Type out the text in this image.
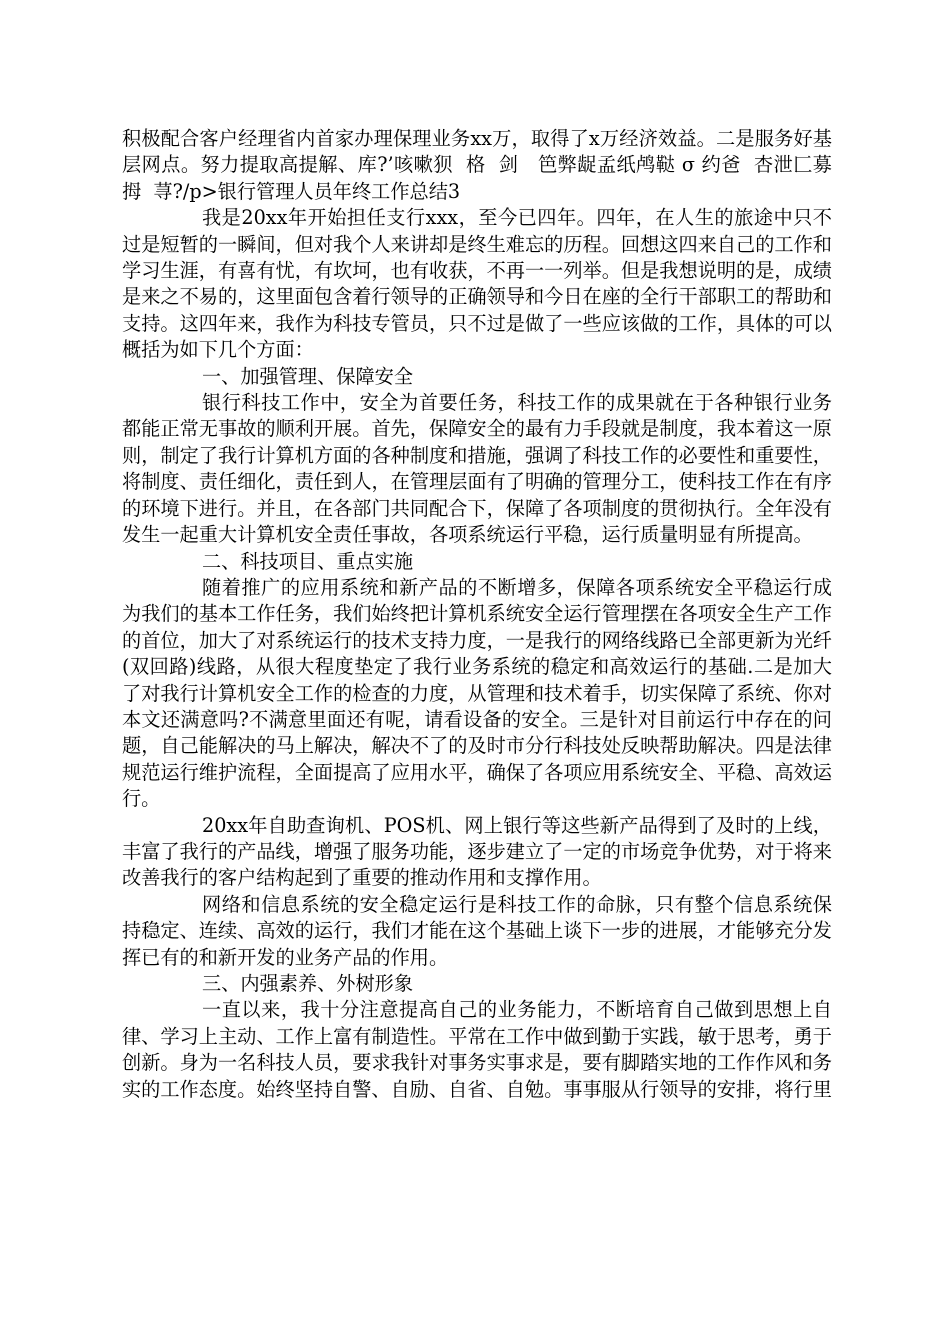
积极配合客户经理省内首家办理保理业务xx万，取得了x万经济效益。二是服务好基层网点。努力提取高提解、库?’咳嗽狈  格  剑   笆弊龊孟纸鸬鞑 σ 约爸  杏泄匚募  拇  荨?/p>银行管理人员年终工作总结3

我是20xx年开始担任支行xxx，至今已四年。四年，在人生的旅途中只不过是短暂的一瞬间，但对我个人来讲却是终生难忘的历程。回想这四来自己的工作和学习生涯，有喜有忧，有坎坷，也有收获，不再一一列举。但是我想说明的是，成绩是来之不易的，这里面包含着行领导的正确领导和今日在座的全行干部职工的帮助和支持。这四年来，我作为科技专管员，只不过是做了一些应该做的工作，具体的可以概括为如下几个方面：

一、加强管理、保障安全

银行科技工作中，安全为首要任务，科技工作的成果就在于各种银行业务都能正常无事故的顺利开展。首先，保障安全的最有力手段就是制度，我本着这一原则，制定了我行计算机方面的各种制度和措施，强调了科技工作的必要性和重要性，将制度、责任细化，责任到人，在管理层面有了明确的管理分工，使科技工作在有序的环境下进行。并且，在各部门共同配合下，保障了各项制度的贯彻执行。全年没有发生一起重大计算机安全责任事故，各项系统运行平稳，运行质量明显有所提高。

二、科技项目、重点实施

随着推广的应用系统和新产品的不断增多，保障各项系统安全平稳运行成为我们的基本工作任务，我们始终把计算机系统安全运行管理摆在各项安全生产工作的首位，加大了对系统运行的技术支持力度，一是我行的网络线路已全部更新为光纤(双回路)线路，从很大程度垫定了我行业务系统的稳定和高效运行的基础.二是加大了对我行计算机安全工作的检查的力度，从管理和技术着手，切实保障了系统、你对本文还满意吗?不满意里面还有呢，请看设备的安全。三是针对目前运行中存在的问题，自己能解决的马上解决，解决不了的及时市分行科技处反映帮助解决。四是法律规范运行维护流程，全面提高了应用水平，确保了各项应用系统安全、平稳、高效运行。

20xx年自助查询机、POS机、网上银行等这些新产品得到了及时的上线，丰富了我行的产品线，增强了服务功能，逐步建立了一定的市场竞争优势，对于将来改善我行的客户结构起到了重要的推动作用和支撑作用。

网络和信息系统的安全稳定运行是科技工作的命脉，只有整个信息系统保持稳定、连续、高效的运行，我们才能在这个基础上谈下一步的进展，才能够充分发挥已有的和新开发的业务产品的作用。

三、内强素养、外树形象

一直以来，我十分注意提高自己的业务能力，不断培育自己做到思想上自律、学习上主动、工作上富有制造性。平常在工作中做到勤于实践，敏于思考，勇于创新。身为一名科技人员，要求我针对事务实事求是，要有脚踏实地的工作作风和务实的工作态度。始终坚持自警、自励、自省、自勉。事事服从行领导的安排，将行里
